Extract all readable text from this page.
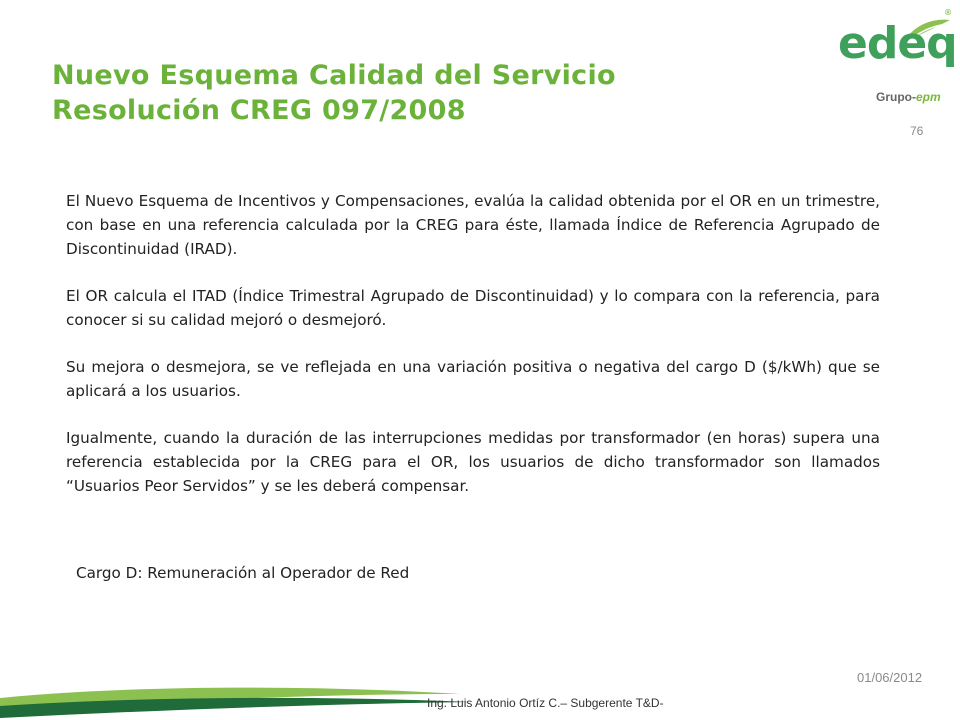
Nuevo Esquema Calidad del Servicio
Resolución CREG 097/2008
edeq
®
Grupo-epm
76

El Nuevo Esquema de Incentivos y Compensaciones, evalúa la calidad obtenida por el OR en un trimestre, con base en una referencia calculada por la CREG para éste, llamada Índice de Referencia Agrupado de Discontinuidad (IRAD).

El OR calcula el ITAD (Índice Trimestral Agrupado de Discontinuidad) y lo compara con la referencia, para conocer si su calidad mejoró o desmejoró.

Su mejora o desmejora, se ve reflejada en una variación positiva o negativa del cargo D ($/kWh) que se aplicará a los usuarios.

Igualmente, cuando la duración de las interrupciones medidas por transformador (en horas) supera una referencia establecida por la CREG para el OR, los usuarios de dicho transformador son llamados “Usuarios Peor Servidos” y se les deberá compensar.

Cargo D: Remuneración al Operador de Red
01/06/2012
Ing. Luis Antonio Ortíz C.– Subgerente T&D-
